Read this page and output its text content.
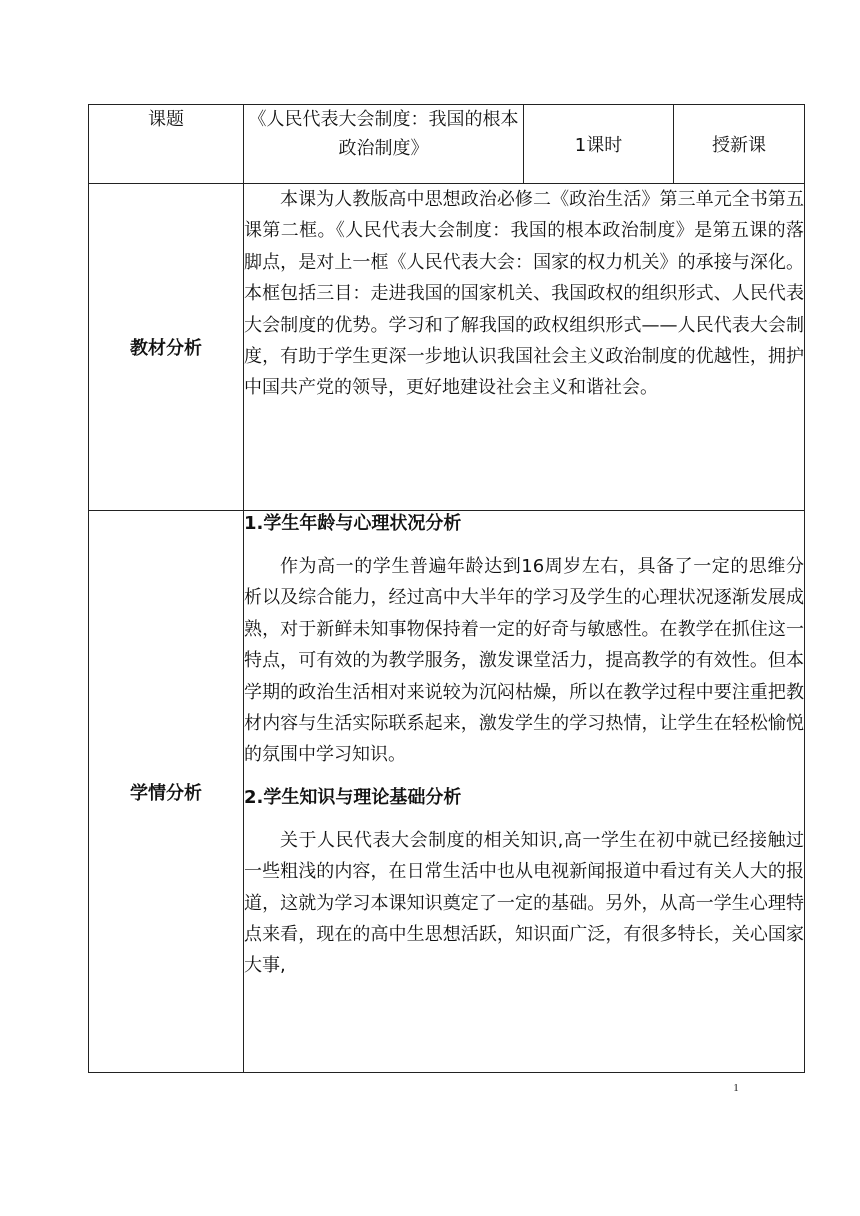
课题	《人民代表大会制度：我国的根本政治制度》	1课时	授新课
教材分析	本课为人教版高中思想政治必修二《政治生活》第三单元全书第五课第二框。《人民代表大会制度：我国的根本政治制度》是第五课的落脚点，是对上一框《人民代表大会：国家的权力机关》的承接与深化。本框包括三目：走进我国的国家机关、我国政权的组织形式、人民代表大会制度的优势。学习和了解我国的政权组织形式——人民代表大会制度，有助于学生更深一步地认识我国社会主义政治制度的优越性，拥护中国共产党的领导，更好地建设社会主义和谐社会。		

学情分析	1.学生年龄与心理状况分析

作为高一的学生普遍年龄达到16周岁左右，具备了一定的思维分析以及综合能力，经过高中大半年的学习及学生的心理状况逐渐发展成熟，对于新鲜未知事物保持着一定的好奇与敏感性。在教学在抓住这一特点，可有效的为教学服务，激发课堂活力，提高教学的有效性。但本学期的政治生活相对来说较为沉闷枯燥，所以在教学过程中要注重把教材内容与生活实际联系起来，激发学生的学习热情，让学生在轻松愉悦的氛围中学习知识。

2.学生知识与理论基础分析

关于人民代表大会制度的相关知识,高一学生在初中就已经接触过一些粗浅的内容，在日常生活中也从电视新闻报道中看过有关人大的报道，这就为学习本课知识奠定了一定的基础。另外，从高一学生心理特点来看，现在的高中生思想活跃，知识面广泛，有很多特长，关心国家大事,		

1
